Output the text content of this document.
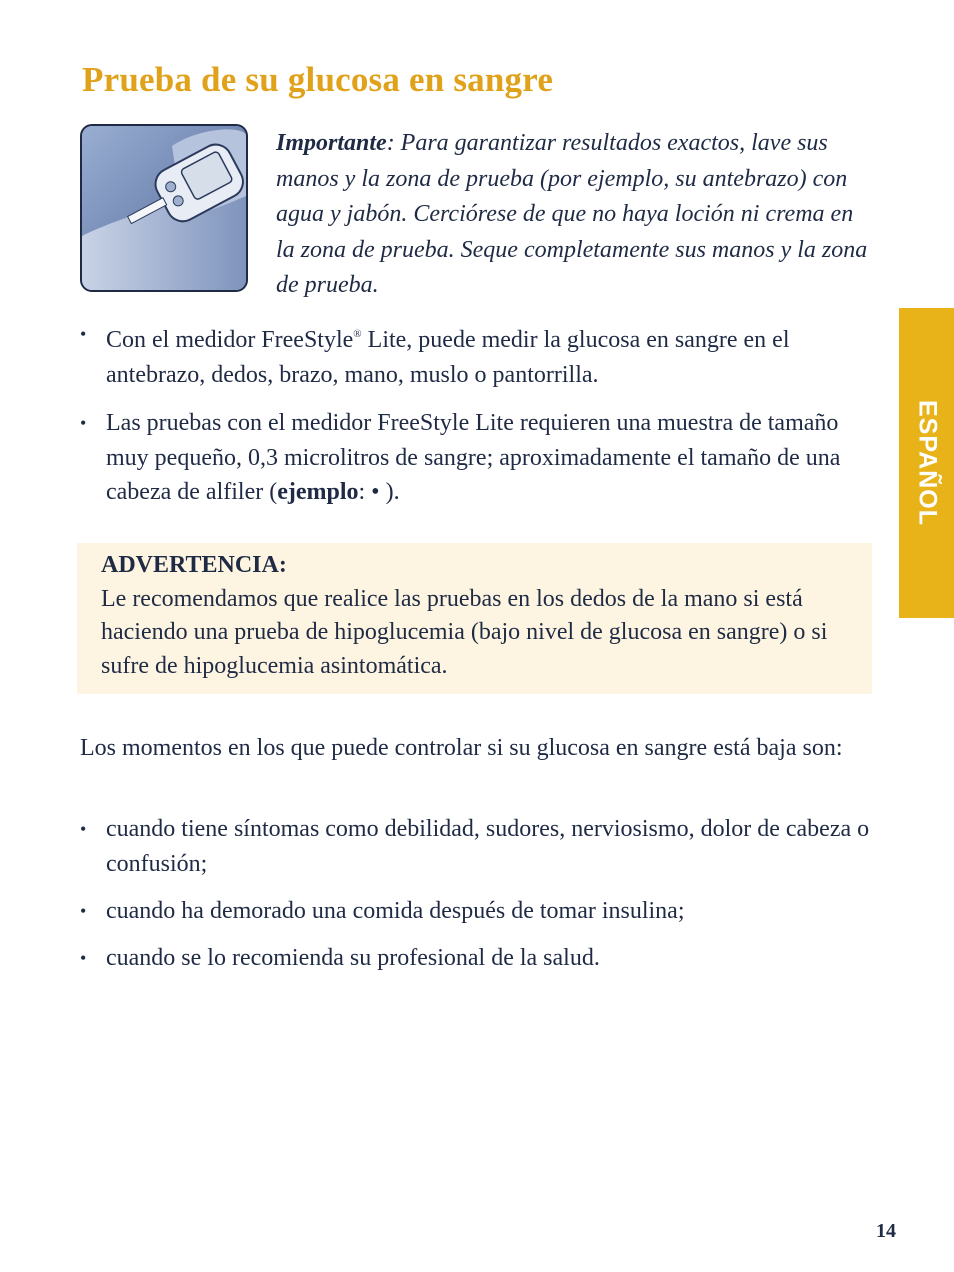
Prueba de su glucosa en sangre
Importante: Para garantizar resultados exactos, lave sus manos y la zona de prueba (por ejemplo, su antebrazo) con agua y jabón. Cerciórese de que no haya loción ni crema en la zona de prueba. Seque completamente sus manos y la zona de prueba.
• Con el medidor FreeStyle® Lite, puede medir la glucosa en sangre en el antebrazo, dedos, brazo, mano, muslo o pantorrilla.
• Las pruebas con el medidor FreeStyle Lite requieren una muestra de tamaño muy pequeño, 0,3 microlitros de sangre; aproximadamente el tamaño de una cabeza de alfiler (ejemplo: • ).
ADVERTENCIA:
Le recomendamos que realice las pruebas en los dedos de la mano si está haciendo una prueba de hipoglucemia (bajo nivel de glucosa en sangre) o si sufre de hipoglucemia asintomática.
Los momentos en los que puede controlar si su glucosa en sangre está baja son:
• cuando tiene síntomas como debilidad, sudores, nerviosismo, dolor de cabeza o confusión;
• cuando ha demorado una comida después de tomar insulina;
• cuando se lo recomienda su profesional de la salud.
ESPAÑOL
14
